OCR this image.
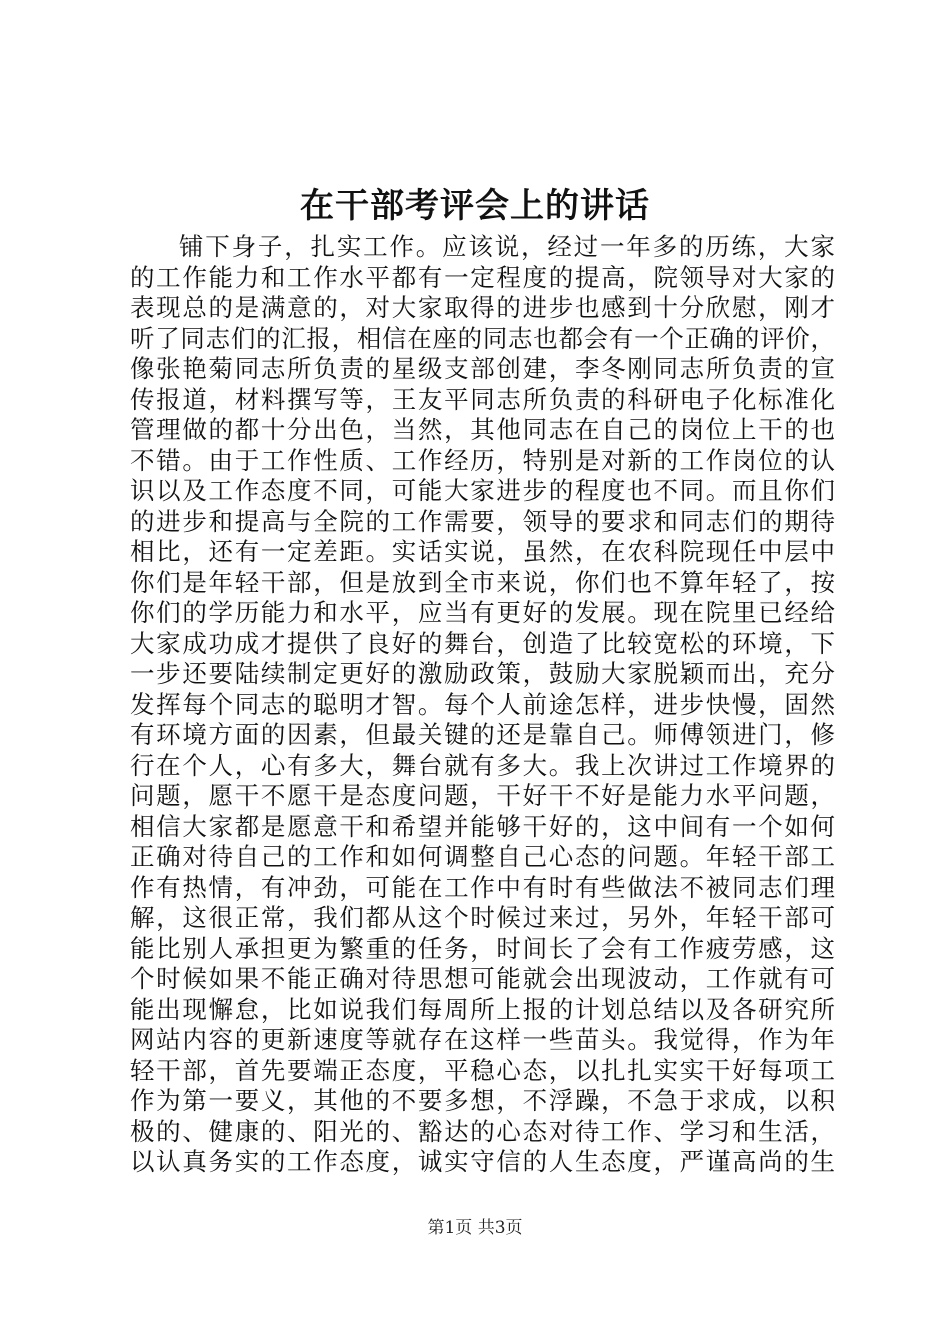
在干部考评会上的讲话
铺下身子，扎实工作。应该说，经过一年多的历练，大家
的工作能力和工作水平都有一定程度的提高，院领导对大家的
表现总的是满意的，对大家取得的进步也感到十分欣慰，刚才
听了同志们的汇报，相信在座的同志也都会有一个正确的评价，
像张艳菊同志所负责的星级支部创建，李冬刚同志所负责的宣
传报道，材料撰写等，王友平同志所负责的科研电子化标准化
管理做的都十分出色，当然，其他同志在自己的岗位上干的也
不错。由于工作性质、工作经历，特别是对新的工作岗位的认
识以及工作态度不同，可能大家进步的程度也不同。而且你们
的进步和提高与全院的工作需要，领导的要求和同志们的期待
相比，还有一定差距。实话实说，虽然，在农科院现任中层中
你们是年轻干部，但是放到全市来说，你们也不算年轻了，按
你们的学历能力和水平，应当有更好的发展。现在院里已经给
大家成功成才提供了良好的舞台，创造了比较宽松的环境，下
一步还要陆续制定更好的激励政策，鼓励大家脱颖而出，充分
发挥每个同志的聪明才智。每个人前途怎样，进步快慢，固然
有环境方面的因素，但最关键的还是靠自己。师傅领进门，修
行在个人，心有多大，舞台就有多大。我上次讲过工作境界的
问题，愿干不愿干是态度问题，干好干不好是能力水平问题，
相信大家都是愿意干和希望并能够干好的，这中间有一个如何
正确对待自己的工作和如何调整自己心态的问题。年轻干部工
作有热情，有冲劲，可能在工作中有时有些做法不被同志们理
解，这很正常，我们都从这个时候过来过，另外，年轻干部可
能比别人承担更为繁重的任务，时间长了会有工作疲劳感，这
个时候如果不能正确对待思想可能就会出现波动，工作就有可
能出现懈怠，比如说我们每周所上报的计划总结以及各研究所
网站内容的更新速度等就存在这样一些苗头。我觉得，作为年
轻干部，首先要端正态度，平稳心态，以扎扎实实干好每项工
作为第一要义，其他的不要多想，不浮躁，不急于求成，以积
极的、健康的、阳光的、豁达的心态对待工作、学习和生活，
以认真务实的工作态度，诚实守信的人生态度，严谨高尚的生
第1页 共3页
